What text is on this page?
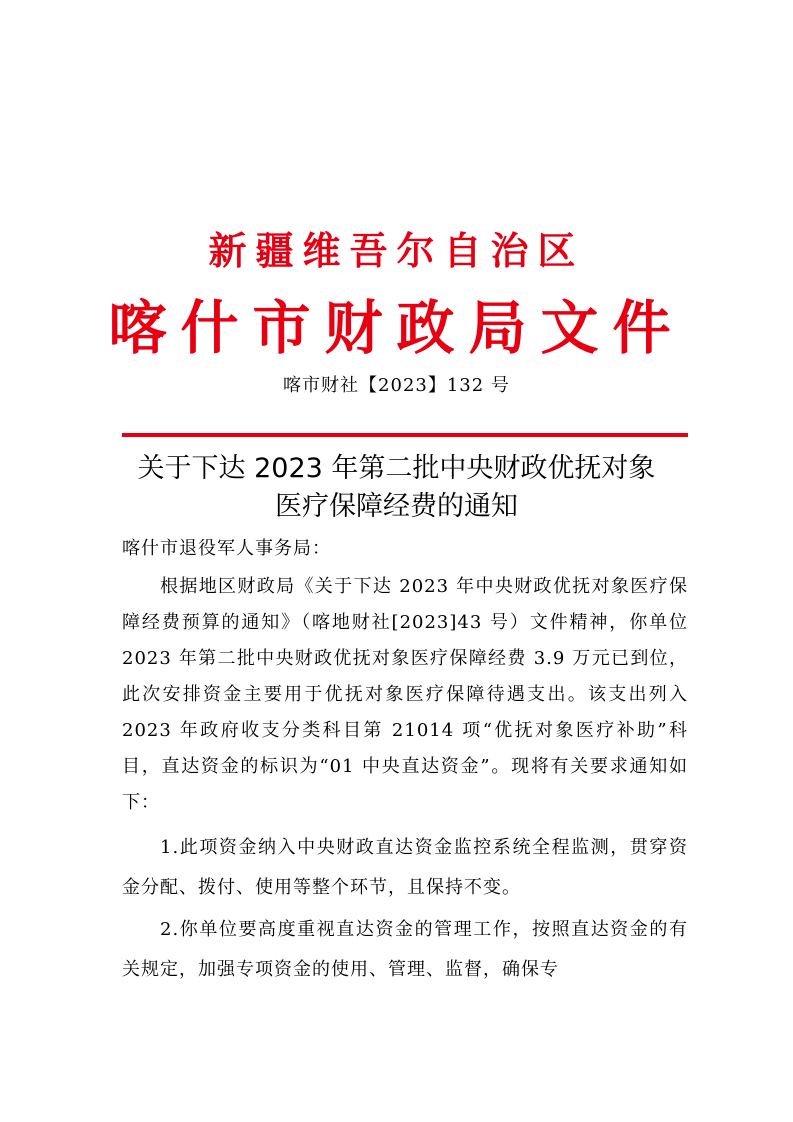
新疆维吾尔自治区
喀什市财政局文件
喀市财社【2023】132 号
关于下达 2023 年第二批中央财政优抚对象
医疗保障经费的通知
喀什市退役军人事务局：
根据地区财政局《关于下达 2023 年中央财政优抚对象医疗保障经费预算的通知》（喀地财社[2023]43 号）文件精神，你单位 2023 年第二批中央财政优抚对象医疗保障经费 3.9 万元已到位，此次安排资金主要用于优抚对象医疗保障待遇支出。该支出列入 2023 年政府收支分类科目第 21014 项“优抚对象医疗补助”科目，直达资金的标识为“01 中央直达资金”。现将有关要求通知如下：
1.此项资金纳入中央财政直达资金监控系统全程监测，贯穿资金分配、拨付、使用等整个环节，且保持不变。
2.你单位要高度重视直达资金的管理工作，按照直达资金的有关规定，加强专项资金的使用、管理、监督，确保专
